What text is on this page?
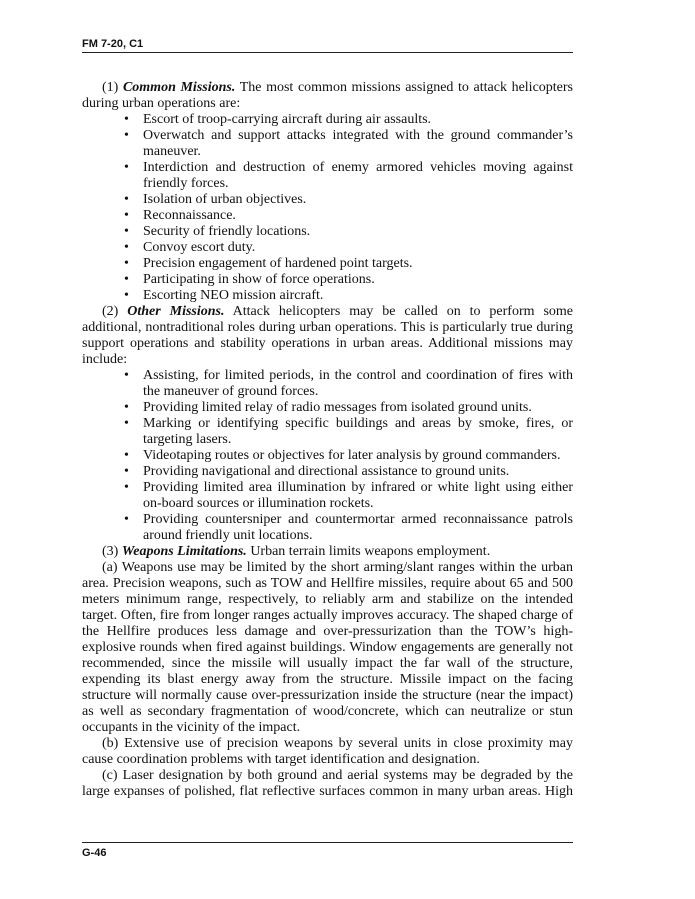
FM 7-20, C1

(1) Common Missions. The most common missions assigned to attack helicopters during urban operations are:

• Escort of troop-carrying aircraft during air assaults.
• Overwatch and support attacks integrated with the ground commander’s maneuver.
• Interdiction and destruction of enemy armored vehicles moving against friendly forces.
• Isolation of urban objectives.
• Reconnaissance.
• Security of friendly locations.
• Convoy escort duty.
• Precision engagement of hardened point targets.
• Participating in show of force operations.
• Escorting NEO mission aircraft.

(2) Other Missions. Attack helicopters may be called on to perform some additional, nontraditional roles during urban operations. This is particularly true during support operations and stability operations in urban areas. Additional missions may include:

• Assisting, for limited periods, in the control and coordination of fires with the maneuver of ground forces.
• Providing limited relay of radio messages from isolated ground units.
• Marking or identifying specific buildings and areas by smoke, fires, or targeting lasers.
• Videotaping routes or objectives for later analysis by ground commanders.
• Providing navigational and directional assistance to ground units.
• Providing limited area illumination by infrared or white light using either on-board sources or illumination rockets.
• Providing countersniper and countermortar armed reconnaissance patrols around friendly unit locations.

(3) Weapons Limitations. Urban terrain limits weapons employment.

(a) Weapons use may be limited by the short arming/slant ranges within the urban area. Precision weapons, such as TOW and Hellfire missiles, require about 65 and 500 meters minimum range, respectively, to reliably arm and stabilize on the intended target. Often, fire from longer ranges actually improves accuracy. The shaped charge of the Hellfire produces less damage and over-pressurization than the TOW’s high-explosive rounds when fired against buildings. Window engagements are generally not recommended, since the missile will usually impact the far wall of the structure, expending its blast energy away from the structure. Missile impact on the facing structure will normally cause over-pressurization inside the structure (near the impact) as well as secondary fragmentation of wood/concrete, which can neutralize or stun occupants in the vicinity of the impact.

(b) Extensive use of precision weapons by several units in close proximity may cause coordination problems with target identification and designation.

(c) Laser designation by both ground and aerial systems may be degraded by the large expanses of polished, flat reflective surfaces common in many urban areas. High

G-46
